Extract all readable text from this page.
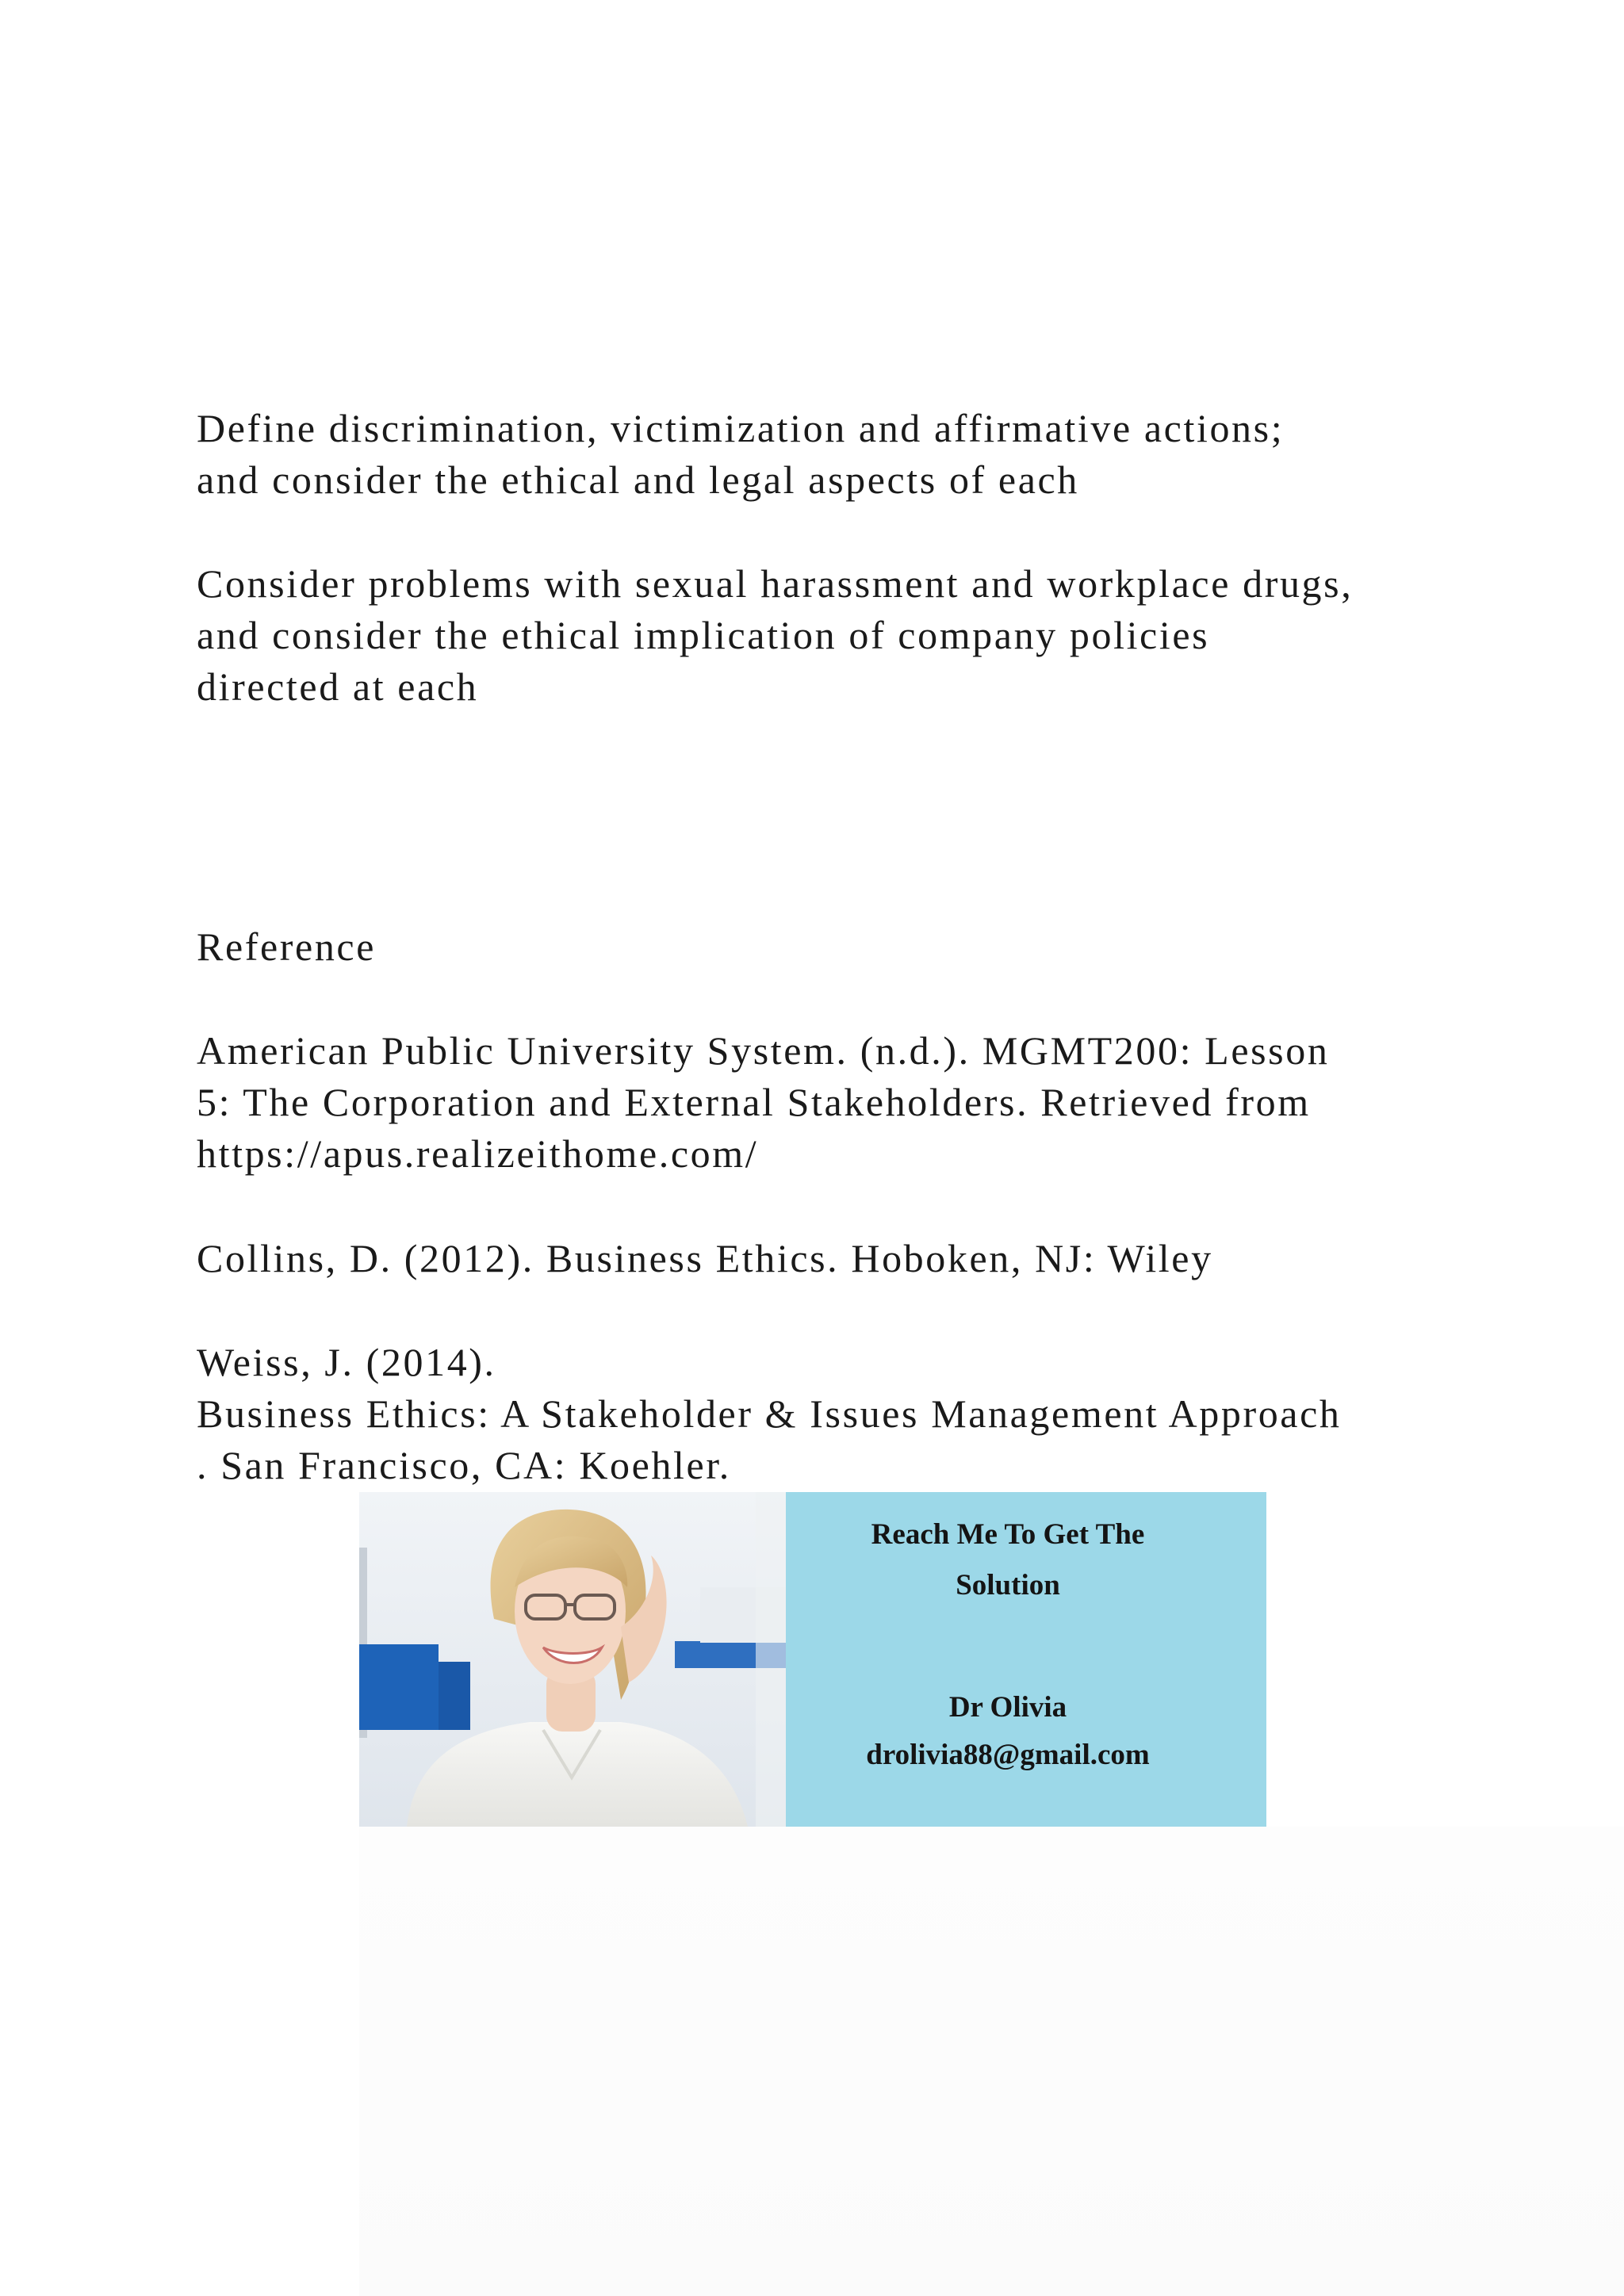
Define discrimination, victimization and affirmative actions;
and consider the ethical and legal aspects of each
Consider problems with sexual harassment and workplace drugs,
and consider the ethical implication of company policies
directed at each
Reference
American Public University System. (n.d.). MGMT200: Lesson
5: The Corporation and External Stakeholders. Retrieved from
https://apus.realizeithome.com/
Collins, D. (2012). Business Ethics. Hoboken, NJ: Wiley
Weiss, J. (2014).
Business Ethics: A Stakeholder & Issues Management Approach
. San Francisco, CA: Koehler.
Reach Me To Get The
Solution
Dr Olivia
drolivia88@gmail.com
